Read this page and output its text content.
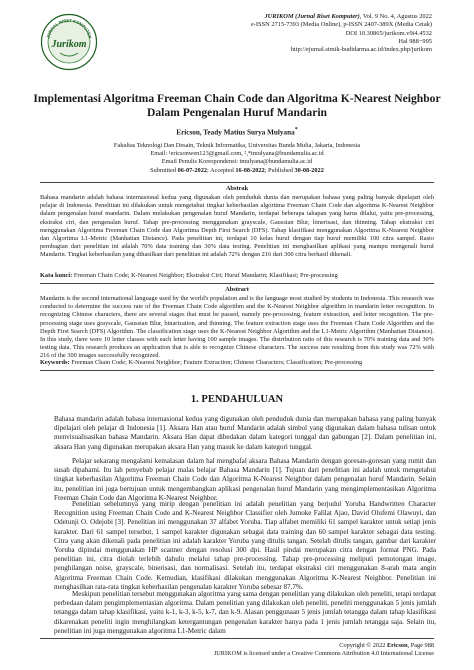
JURNAL RISET KOMPUTER
Jurikom
JURIKOM (Jurnal Riset Komputer), Vol. 9 No. 4, Agustus 2022
e-ISSN 2715-7393 (Media Online), p-ISSN 2407-389X (Media Cetak)
DOI 10.30865/jurikom.v9i4.4532
Hal 988−995
http://ejurnal.stmik-budidarma.ac.id/index.php/jurikom
Implementasi Algoritma Freeman Chain Code dan Algoritma K-Nearest Neighbor Dalam Pengenalan Huruf Mandarin
Ericson, Teady Matius Surya Mulyana*
Fakultas Teknologi Dan Desain, Teknik Informatika, Universitas Bunda Mulia, Jakarta, Indonesia
Email: ¹ericsonwen123@gmail.com, ²,*tmulyana@bundamulia.ac.id
Email Penulis Korespondensi: tmulyana@bundamulia.ac.id
Submitted 06-07-2022; Accepted 16-08-2022; Published 30-08-2022
Abstrak
Bahasa mandarin adalah bahasa internasional kedua yang digunakan oleh penduduk dunia dan merupakan bahasa yang paling banyak dipelajari oleh pelajar di Indonesia. Penelitian ini dilakukan untuk mengetahui tingkat keberhasilan algoritma Freeman Chain Code dan algoritma K-Nearest Neighbor dalam pengenalan huruf mandarin. Dalam melakukan pengenalan huruf Mandarin, terdapat beberapa tahapan yang harus dilalui, yaitu pre-processing, ekstraksi ciri, dan pengenalan huruf. Tahap pre-processing menggunakan grayscale, Gaussian Blur, binerisasi, dan thinning. Tahap ekstraksi ciri menggunakan Algoritma Freeman Chain Code dan Algoritma Depth First Search (DFS). Tahap klasifikasi menggunakan Algoritma K-Nearest Neighbor dan Algoritma L1-Metric (Manhattan Distance). Pada penelitian ini, terdapat 10 kelas huruf dengan tiap huruf memiliki 100 citra sampel. Rasio pembagian dari penelitian ini adalah 70% data training dan 30% data testing. Penelitian ini menghasilkan aplikasi yang mampu mengenali huruf Mandarin. Tingkat keberhasilan yang dihasilkan dari penelitian ini adalah 72% dengan 216 dari 300 citra berhasil dikenali.
Kata kunci: Freeman Chain Code; K-Nearest Neighbor; Ekstraksi Ciri; Huruf Mandarin; Klasifikasi; Pre-processing
Abstract
Mandarin is the second international language used by the world's population and is the language most studied by students in Indonesia. This research was conducted to determine the success rate of the Freeman Chain Code algorithm and the K-Nearest Neighbor algorithm in mandarin letter recognition. In recognizing Chinese characters, there are several stages that must be passed, namely pre-processing, feature extraction, and letter recognition. The pre-processing stage uses grayscale, Gaussian Blur, binarization, and thinning. The feature extraction stage uses the Freeman Chain Code Algorithm and the Depth First Search (DFS) Algorithm. The classification stage uses the K-Nearest Neighbor Algorithm and the L1-Metric Algorithm (Manhattan Distance). In this study, there were 10 letter classes with each letter having 100 sample images. The distribution ratio of this research is 70% training data and 30% testing data. This research produces an application that is able to recognize Chinese characters. The success rate resulting from this study was 72% with 216 of the 300 images successfully recognized.
Keywords: Freeman Chain Code; K-Nearest Neighbor; Feature Extraction; Chinese Characters; Classification; Pre-processing
1. PENDAHULUAN
Bahasa mandarin adalah bahasa internasional kedua yang digunakan oleh penduduk dunia dan merupakan bahasa yang paling banyak dipelajari oleh pelajar di Indonesia [1]. Aksara Han atau huruf Mandarin adalah simbol yang digunakan dalam bahasa tulisan untuk menvisualisasikan bahasa Mandarin. Aksara Han dapat dibedakan dalam kategori tunggal dan gabungan [2]. Dalam penelitian ini, aksara Han yang digunakan merupakan aksara Han yang masuk ke dalam kategori tunggal.
Pelajar sekarang mengalami kemalasan dalam hal menghafal aksara Bahasa Mandarin dengan goresan-goresan yang rumit dan susah dipahami. Itu lah penyebab pelajar malas belajar Bahasa Mandarin [1]. Tujuan dari penelitian ini adalah untuk mengetahui tingkat keberhasilan Algoritma Freeman Chain Code dan Algoritma K-Nearest Neighbor dalam pengenalan huruf Mandarin. Selain itu, penelitian ini juga bertujuan untuk mengembangkan aplikasi pengenalan huruf Mandarin yang mengimplementasikan Algoritma Freeman Chain Code dan Algoritma K-Nearest Neighbor.
Penelitian sebelumnya yang mirip dengan penelitian ini adalah penelitian yang berjudul Yoruba Handwritten Character Recognition using Freeman Chain Code and K-Nearest Neighbor Classifier oleh Jumoke Falilat Ajao, David Olufemi Olawuyi, dan Odetunji O. Odejobi [3]. Penelitian ini menggunakan 37 alfabet Yoruba. Tiap alfabet memiliki 61 sampel karakter untuk setiap jenis karakter. Dari 61 sampel tersebut, 1 sampel karakter digunakan sebagai data training dan 60 sampel karakter sebagai data testing. Citra yang akan dikenali pada penelitian ini adalah karakter Yoruba yang ditulis tangan. Setelah ditulis tangan, gambar dari karakter Yoruba dipindai menggunakan HP scanner dengan resolusi 300 dpi. Hasil pindai merupakan citra dengan format PNG. Pada penelitian ini, citra diolah terlebih dahulu melalui tahap pre-processing. Tahap pre-processing meliputi pemotongan image, penghilangan noise, grayscale, binerisasi, dan normalisasi. Setelah itu, terdapat ekstraksi ciri menggunakan 8-arah mata angin Algoritma Freeman Chain Code. Kemudian, klasifikasi dilakukan menggunakan Algoritma K-Nearest Neighbor. Penelitian ini menghasilkan rata-rata tingkat keberhasilan pengenalan karakter Yoruba sebesar 87.7%.
Meskipun penelitian tersebut menggunakan algoritma yang sama dengan penelitian yang dilakukan oleh peneliti, tetapi terdapat perbedaan dalam pengimplementasian algoritma. Dalam penelitian yang dilakukan oleh peneliti, peneliti menggunakan 5 jenis jumlah tetangga dalam tahap klasifikasi, yaitu k-1, k-3, k-5, k-7, dan k-9. Alasan penggunaan 5 jenis jumlah tetangga dalam tahap klasifikasi dikarenakan peneliti ingin menghilangkan ketergantungan pengenalan karakter hanya pada 1 jenis jumlah tetangga saja. Selain itu, penelitian ini juga menggunakan algoritma L1-Metric dalam
Copyright © 2022 Ericson, Page 988
JURIKOM is licensed under a Creative Commons Attribution 4.0 International License
